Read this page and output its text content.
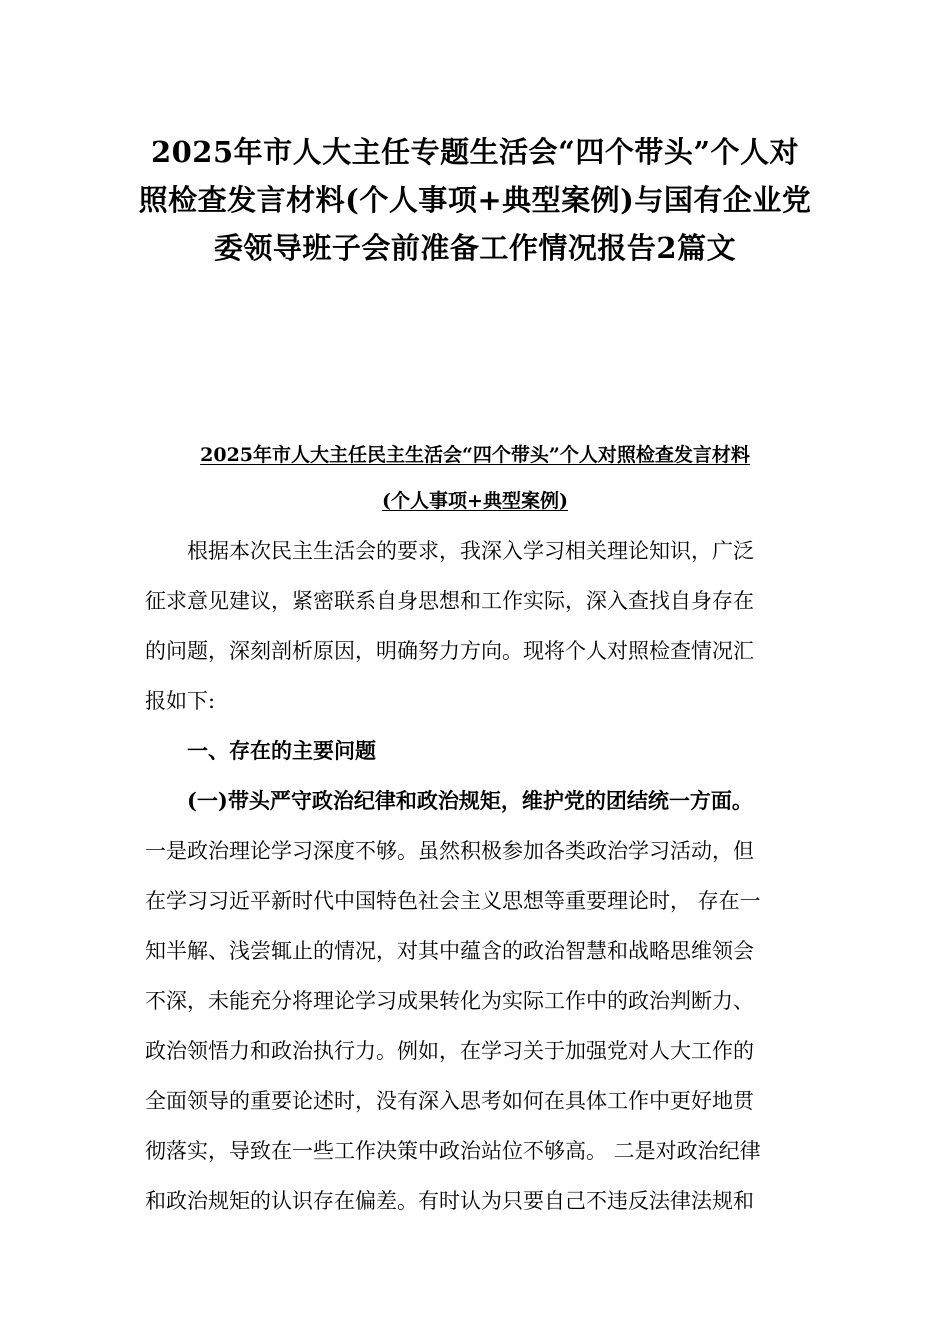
2025年市人大主任专题生活会“四个带头”个人对
照检查发言材料(个人事项+典型案例)与国有企业党
委领导班子会前准备工作情况报告2篇文
2025年市人大主任民主生活会“四个带头”个人对照检查发言材料
(个人事项+典型案例)
根据本次民主生活会的要求，我深入学习相关理论知识，广泛
征求意见建议，紧密联系自身思想和工作实际，深入查找自身存在
的问题，深刻剖析原因，明确努力方向。现将个人对照检查情况汇
报如下:
一、存在的主要问题
(一)带头严守政治纪律和政治规矩，维护党的团结统一方面。
一是政治理论学习深度不够。虽然积极参加各类政治学习活动，但
在学习习近平新时代中国特色社会主义思想等重要理论时， 存在一
知半解、浅尝辄止的情况，对其中蕴含的政治智慧和战略思维领会
不深，未能充分将理论学习成果转化为实际工作中的政治判断力、
政治领悟力和政治执行力。例如，在学习关于加强党对人大工作的
全面领导的重要论述时，没有深入思考如何在具体工作中更好地贯
彻落实，导致在一些工作决策中政治站位不够高。 二是对政治纪律
和政治规矩的认识存在偏差。有时认为只要自己不违反法律法规和
